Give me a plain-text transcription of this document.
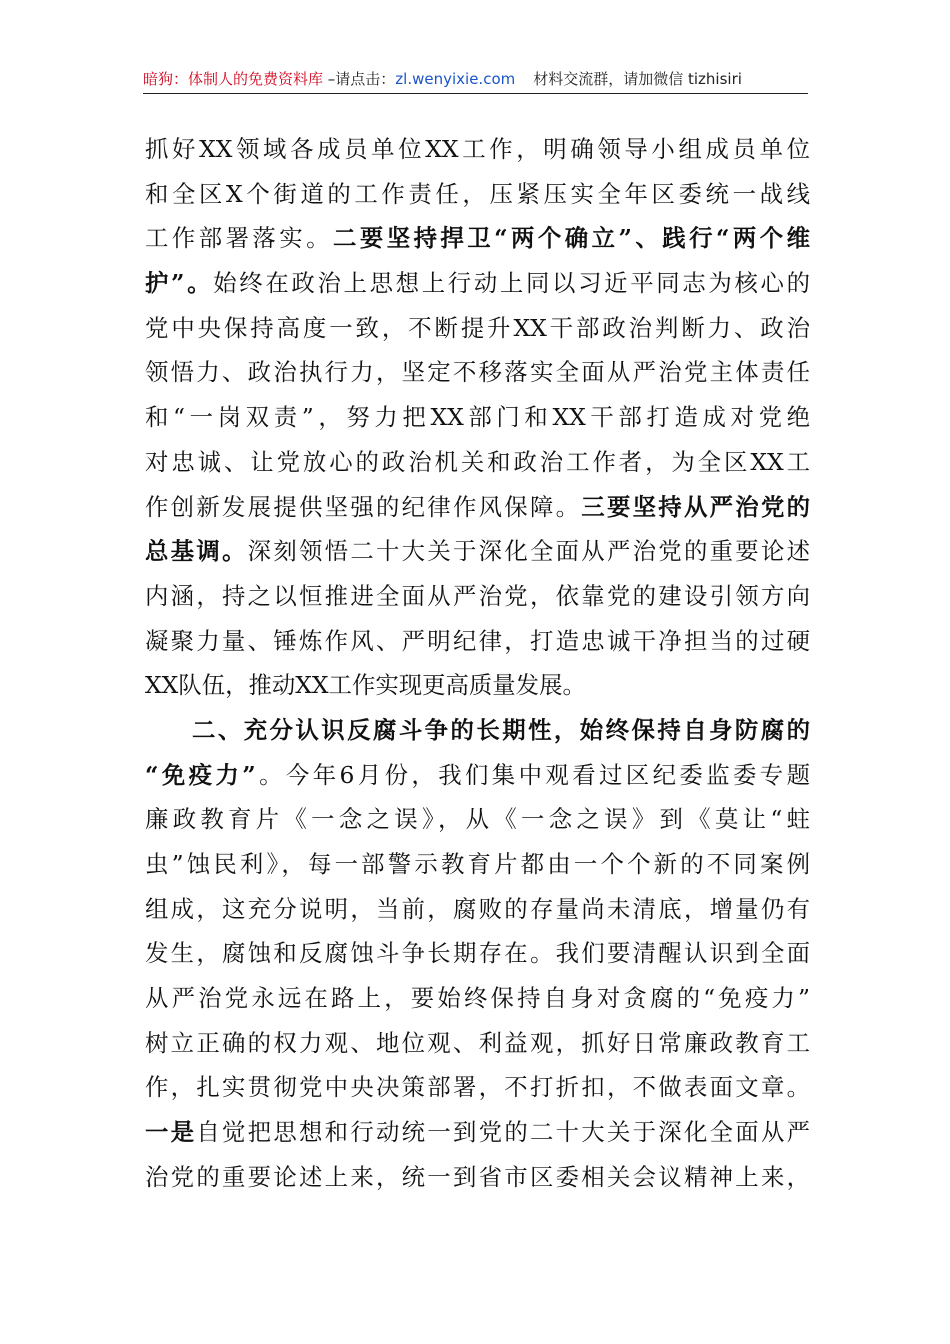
暗狗：体制人的免费资料库 –请点击：zl.wenyixie.com 材料交流群，请加微信 tizhisiri
抓好XX领域各成员单位XX工作，明确领导小组成员单位
和全区X个街道的工作责任，压紧压实全年区委统一战线
工作部署落实。二要坚持捍卫“两个确立”、践行“两个维
护”。始终在政治上思想上行动上同以习近平同志为核心的
党中央保持高度一致，不断提升XX干部政治判断力、政治
领悟力、政治执行力，坚定不移落实全面从严治党主体责任
和“一岗双责”，努力把XX部门和XX干部打造成对党绝
对忠诚、让党放心的政治机关和政治工作者，为全区XX工
作创新发展提供坚强的纪律作风保障。三要坚持从严治党的
总基调。深刻领悟二十大关于深化全面从严治党的重要论述
内涵，持之以恒推进全面从严治党，依靠党的建设引领方向
凝聚力量、锤炼作风、严明纪律，打造忠诚干净担当的过硬
XX队伍，推动XX工作实现更高质量发展。
二、充分认识反腐斗争的长期性，始终保持自身防腐的
“免疫力”。今年6月份，我们集中观看过区纪委监委专题
廉政教育片《一念之误》，从《一念之误》到《莫让“蛀
虫”蚀民利》，每一部警示教育片都由一个个新的不同案例
组成，这充分说明，当前，腐败的存量尚未清底，增量仍有
发生，腐蚀和反腐蚀斗争长期存在。我们要清醒认识到全面
从严治党永远在路上，要始终保持自身对贪腐的“免疫力”
树立正确的权力观、地位观、利益观，抓好日常廉政教育工
作，扎实贯彻党中央决策部署，不打折扣，不做表面文章。
一是自觉把思想和行动统一到党的二十大关于深化全面从严
治党的重要论述上来，统一到省市区委相关会议精神上来，
